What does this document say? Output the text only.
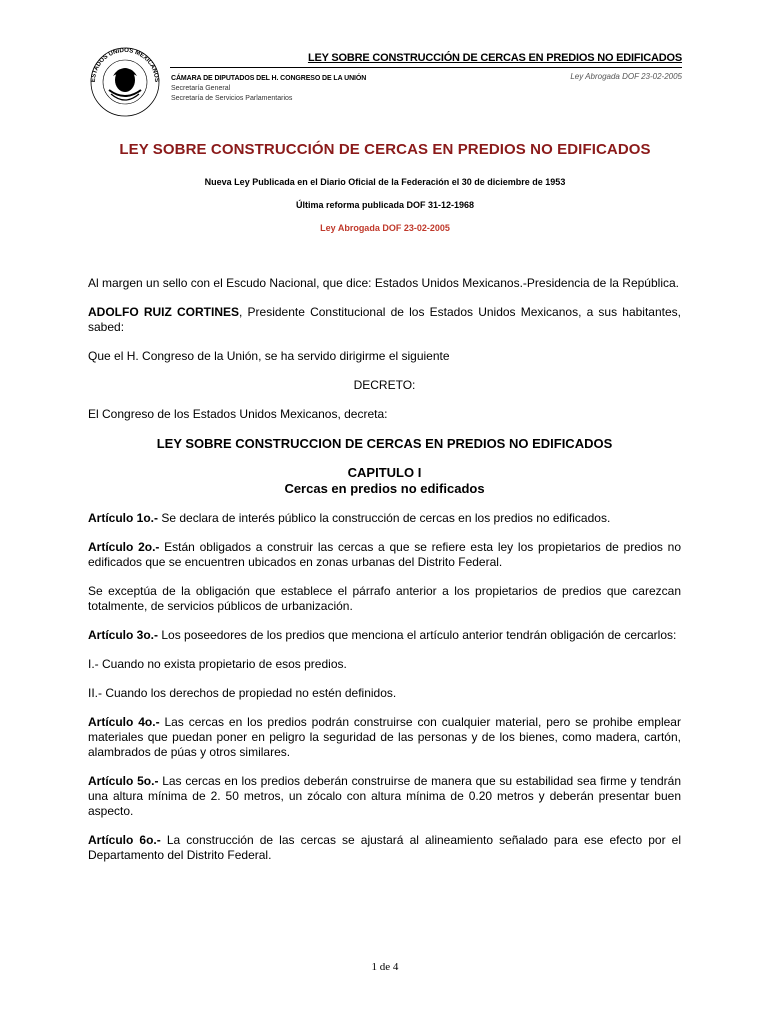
ESTADOS UNIDOS MEXICANOS
LEY SOBRE CONSTRUCCIÓN DE CERCAS EN PREDIOS NO EDIFICADOS
CÁMARA DE DIPUTADOS DEL H. CONGRESO DE LA UNIÓN
Secretaría General
Secretaría de Servicios Parlamentarios
Ley Abrogada DOF 23-02-2005
LEY SOBRE CONSTRUCCIÓN DE CERCAS EN PREDIOS NO EDIFICADOS
Nueva Ley Publicada en el Diario Oficial de la Federación el 30 de diciembre de 1953
Última reforma publicada DOF 31-12-1968
Ley Abrogada DOF 23-02-2005

Al margen un sello con el Escudo Nacional, que dice: Estados Unidos Mexicanos.-Presidencia de la República.

ADOLFO RUIZ CORTINES, Presidente Constitucional de los Estados Unidos Mexicanos, a sus habitantes, sabed:

Que el H. Congreso de la Unión, se ha servido dirigirme el siguiente

DECRETO:

El Congreso de los Estados Unidos Mexicanos, decreta:

LEY SOBRE CONSTRUCCION DE CERCAS EN PREDIOS NO EDIFICADOS
CAPITULO I
Cercas en predios no edificados

Artículo 1o.- Se declara de interés público la construcción de cercas en los predios no edificados.

Artículo 2o.- Están obligados a construir las cercas a que se refiere esta ley los propietarios de predios no edificados que se encuentren ubicados en zonas urbanas del Distrito Federal.

Se exceptúa de la obligación que establece el párrafo anterior a los propietarios de predios que carezcan totalmente, de servicios públicos de urbanización.

Artículo 3o.- Los poseedores de los predios que menciona el artículo anterior tendrán obligación de cercarlos:

I.- Cuando no exista propietario de esos predios.

II.- Cuando los derechos de propiedad no estén definidos.

Artículo 4o.- Las cercas en los predios podrán construirse con cualquier material, pero se prohibe emplear materiales que puedan poner en peligro la seguridad de las personas y de los bienes, como madera, cartón, alambrados de púas y otros similares.

Artículo 5o.- Las cercas en los predios deberán construirse de manera que su estabilidad sea firme y tendrán una altura mínima de 2. 50 metros, un zócalo con altura mínima de 0.20 metros y deberán presentar buen aspecto.

Artículo 6o.- La construcción de las cercas se ajustará al alineamiento señalado para ese efecto por el Departamento del Distrito Federal.

1 de 4
